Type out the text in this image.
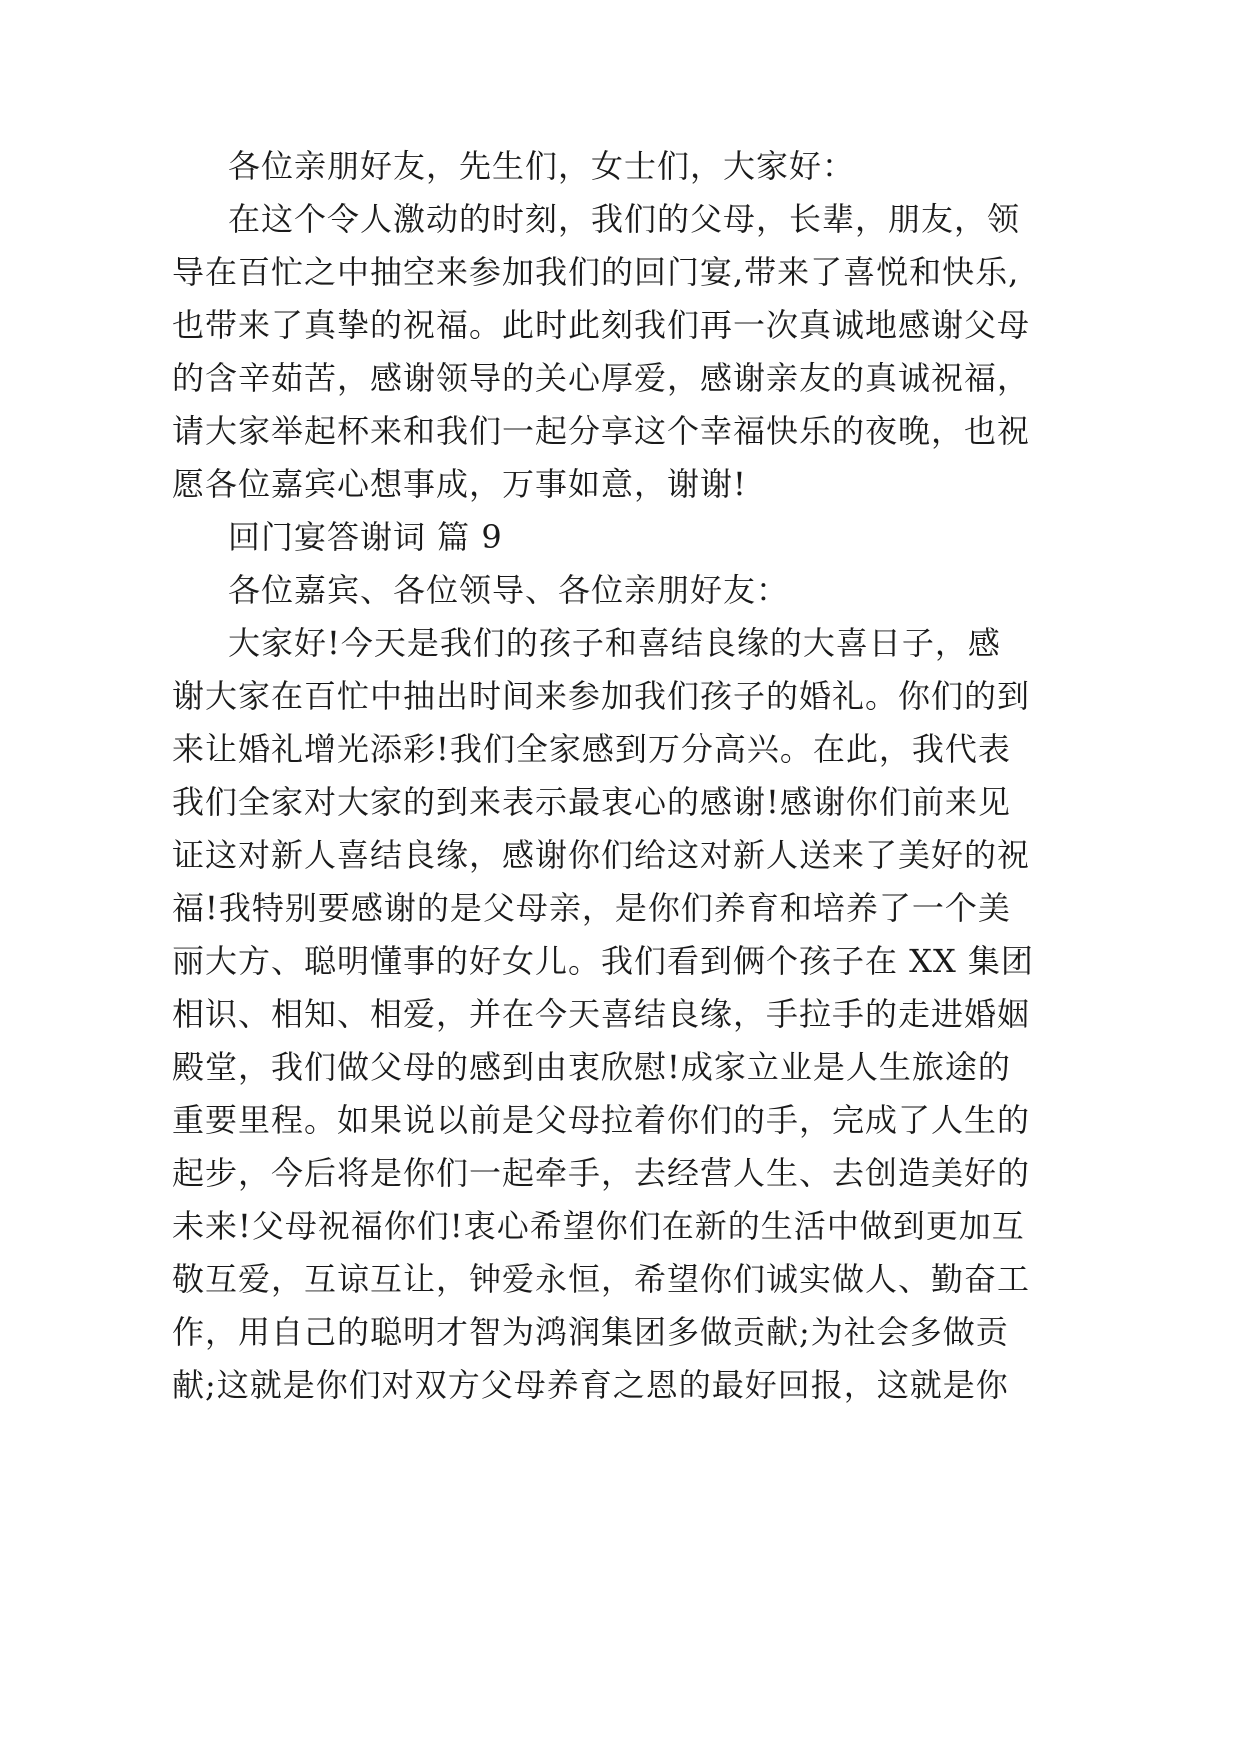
各位亲朋好友，先生们，女士们，大家好：
在这个令人激动的时刻，我们的父母，长辈，朋友，领
导在百忙之中抽空来参加我们的回门宴,带来了喜悦和快乐,
也带来了真挚的祝福。此时此刻我们再一次真诚地感谢父母
的含辛茹苦，感谢领导的关心厚爱，感谢亲友的真诚祝福，
请大家举起杯来和我们一起分享这个幸福快乐的夜晚，也祝
愿各位嘉宾心想事成，万事如意，谢谢!
回门宴答谢词 篇 9
各位嘉宾、各位领导、各位亲朋好友：
大家好!今天是我们的孩子和喜结良缘的大喜日子，感
谢大家在百忙中抽出时间来参加我们孩子的婚礼。你们的到
来让婚礼增光添彩!我们全家感到万分高兴。在此，我代表
我们全家对大家的到来表示最衷心的感谢!感谢你们前来见
证这对新人喜结良缘，感谢你们给这对新人送来了美好的祝
福!我特别要感谢的是父母亲，是你们养育和培养了一个美
丽大方、聪明懂事的好女儿。我们看到俩个孩子在 XX 集团
相识、相知、相爱，并在今天喜结良缘，手拉手的走进婚姻
殿堂，我们做父母的感到由衷欣慰!成家立业是人生旅途的
重要里程。如果说以前是父母拉着你们的手，完成了人生的
起步，今后将是你们一起牵手，去经营人生、去创造美好的
未来!父母祝福你们!衷心希望你们在新的生活中做到更加互
敬互爱，互谅互让，钟爱永恒，希望你们诚实做人、勤奋工
作，用自己的聪明才智为鸿润集团多做贡献;为社会多做贡
献;这就是你们对双方父母养育之恩的最好回报，这就是你
